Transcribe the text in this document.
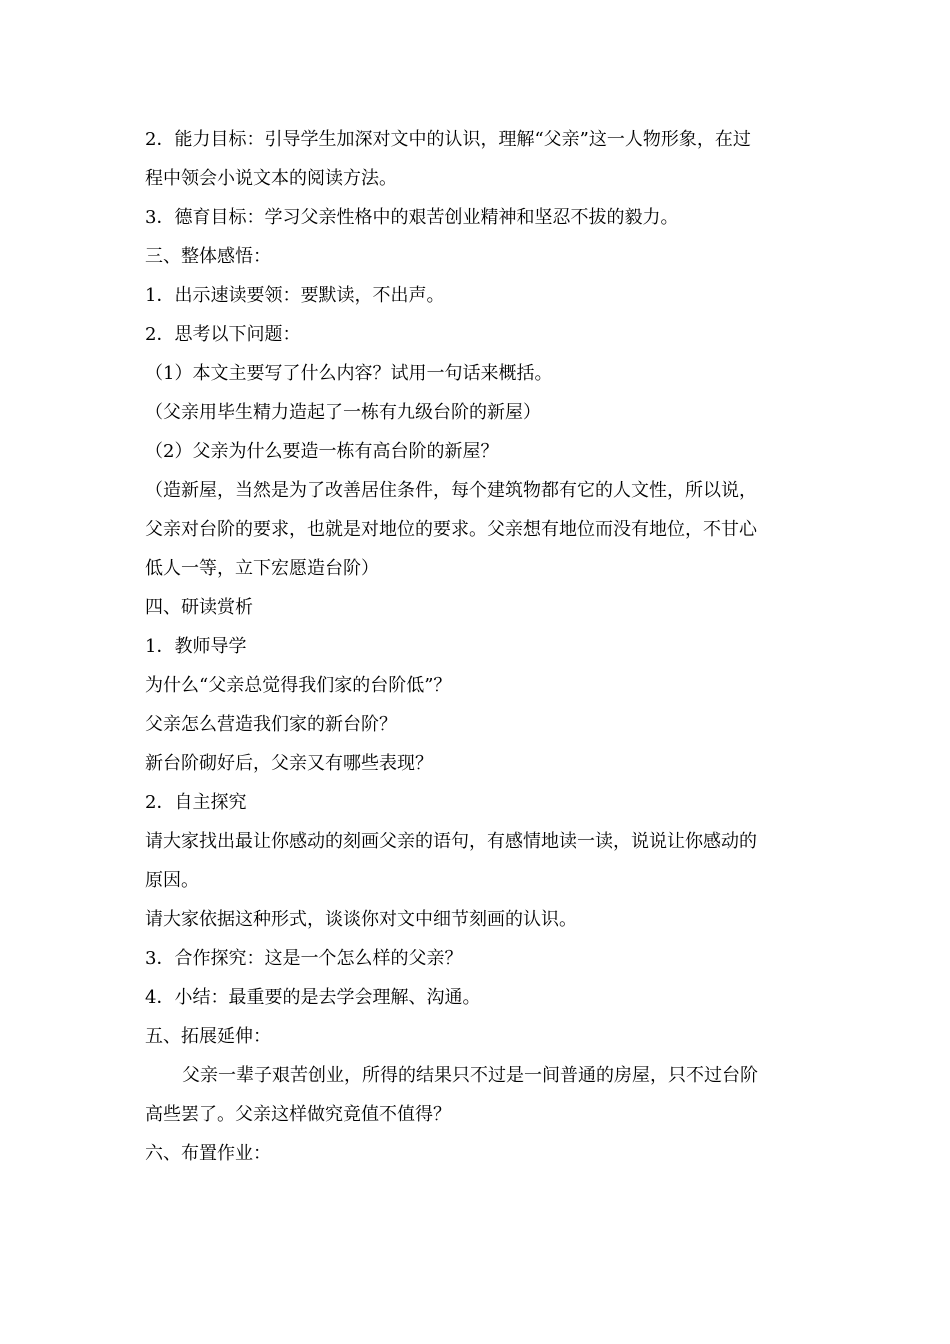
2．能力目标：引导学生加深对文中的认识，理解“父亲”这一人物形象，在过
程中领会小说文本的阅读方法。
3．德育目标：学习父亲性格中的艰苦创业精神和坚忍不拔的毅力。
三、整体感悟：
1．出示速读要领：要默读，不出声。
2．思考以下问题：
（1）本文主要写了什么内容？试用一句话来概括。
（父亲用毕生精力造起了一栋有九级台阶的新屋）
（2）父亲为什么要造一栋有高台阶的新屋？
（造新屋，当然是为了改善居住条件，每个建筑物都有它的人文性，所以说，
父亲对台阶的要求，也就是对地位的要求。父亲想有地位而没有地位，不甘心
低人一等，立下宏愿造台阶）
四、研读赏析
1．教师导学
为什么“父亲总觉得我们家的台阶低”？
父亲怎么营造我们家的新台阶？
新台阶砌好后，父亲又有哪些表现？
2．自主探究
请大家找出最让你感动的刻画父亲的语句，有感情地读一读，说说让你感动的
原因。
请大家依据这种形式，谈谈你对文中细节刻画的认识。
3．合作探究：这是一个怎么样的父亲？
4．小结：最重要的是去学会理解、沟通。
五、拓展延伸：
父亲一辈子艰苦创业，所得的结果只不过是一间普通的房屋，只不过台阶
高些罢了。父亲这样做究竟值不值得？
六、布置作业：
